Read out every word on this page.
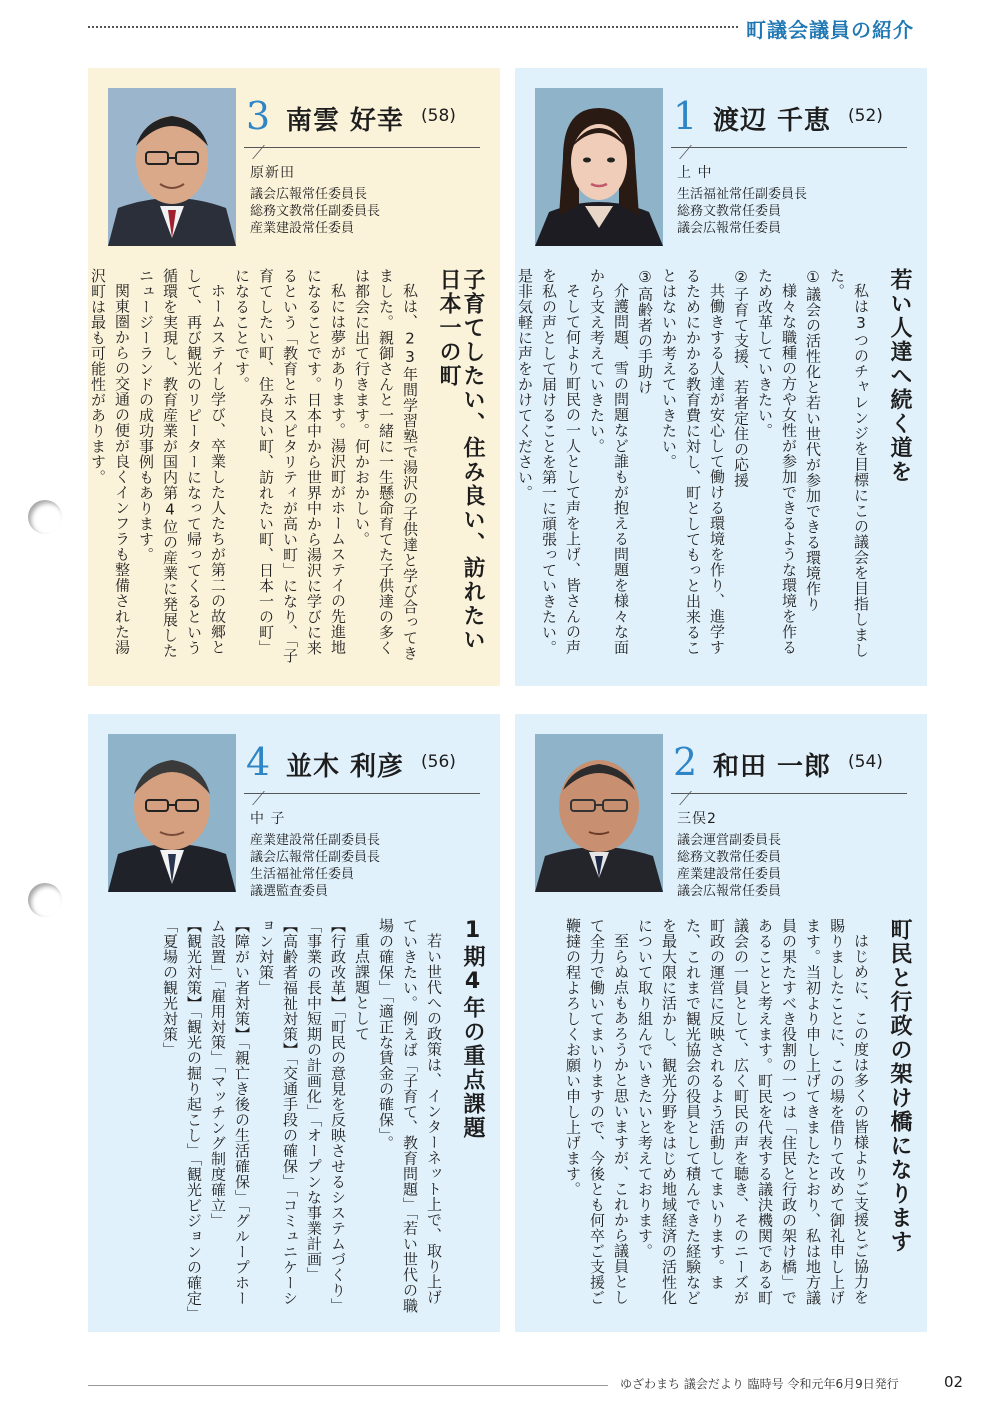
町議会議員の紹介
3 南雲 好幸 (58)
原新田
議会広報常任委員長
総務文教常任副委員長
産業建設常任委員
子育てしたい、住み良い、訪れたい日本一の町

私は、23年間学習塾で湯沢の子供達と学び合ってきました。親御さんと一緒に一生懸命育てた子供達の多くは都会に出て行きます。何かおかしい。

私には夢があります。湯沢町がホームステイの先進地になることです。日本中から世界中から湯沢に学びに来るという「教育とホスピタリティが高い町」になり、「子育てしたい町、住み良い町、訪れたい町、日本一の町」になることです。

ホームステイし学び、卒業した人たちが第二の故郷として、再び観光のリピーターになって帰ってくるという循環を実現し、教育産業が国内第4位の産業に発展したニュージーランドの成功事例もあります。

関東圏からの交通の便が良くインフラも整備された湯沢町は最も可能性があります。

1 渡辺 千恵 (52)
上 中
生活福祉常任副委員長
総務文教常任委員
議会広報常任委員
若い人達へ続く道を

私は3つのチャレンジを目標にこの議会を目指しました。

①議会の活性化と若い世代が参加できる環境作り

様々な職種の方や女性が参加できるような環境を作るため改革していきたい。

②子育て支援、若者定住の応援

共働きする人達が安心して働ける環境を作り、進学するためにかかる教育費に対し、町としてもっと出来ることはないか考えていきたい。

③高齢者の手助け

介護問題、雪の問題など誰もが抱える問題を様々な面から支え考えていきたい。

そして何より町民の一人として声を上げ、皆さんの声を私の声として届けることを第一に頑張っていきたい。是非気軽に声をかけてください。

4 並木 利彦 (56)
中 子
産業建設常任副委員長
議会広報常任副委員長
生活福祉常任委員
議選監査委員
1期4年の重点課題

若い世代への政策は、インターネット上で、取り上げていきたい。例えば「子育て、教育問題」「若い世代の職場の確保」「適正な賃金の確保」。

重点課題として

【行政改革】「町民の意見を反映させるシステムづくり」「事業の長中短期の計画化」「オープンな事業計画」

【高齢者福祉対策】「交通手段の確保」「コミュニケーション対策」

【障がい者対策】「親亡き後の生活確保」「グループホーム設置」「雇用対策」「マッチング制度確立」

【観光対策】「観光の掘り起こし」「観光ビジョンの確定」「夏場の観光対策」

2 和田 一郎 (54)
三俣2
議会運営副委員長
総務文教常任委員
産業建設常任委員
議会広報常任委員
町民と行政の架け橋になります

はじめに、この度は多くの皆様よりご支援とご協力を賜りましたことに、この場を借りて改めて御礼申し上げます。当初より申し上げてきましたとおり、私は地方議員の果たすべき役割の一つは「住民と行政の架け橋」であることと考えます。町民を代表する議決機関である町議会の一員として、広く町民の声を聴き、そのニーズが町政の運営に反映されるよう活動してまいります。また、これまで観光協会の役員として積んできた経験などを最大限に活かし、観光分野をはじめ地域経済の活性化について取り組んでいきたいと考えております。

至らぬ点もあろうかと思いますが、これから議員として全力で働いてまいりますので、今後とも何卒ご支援ご鞭撻の程よろしくお願い申し上げます。

ゆざわまち 議会だより 臨時号 令和元年6月9日発行	02
